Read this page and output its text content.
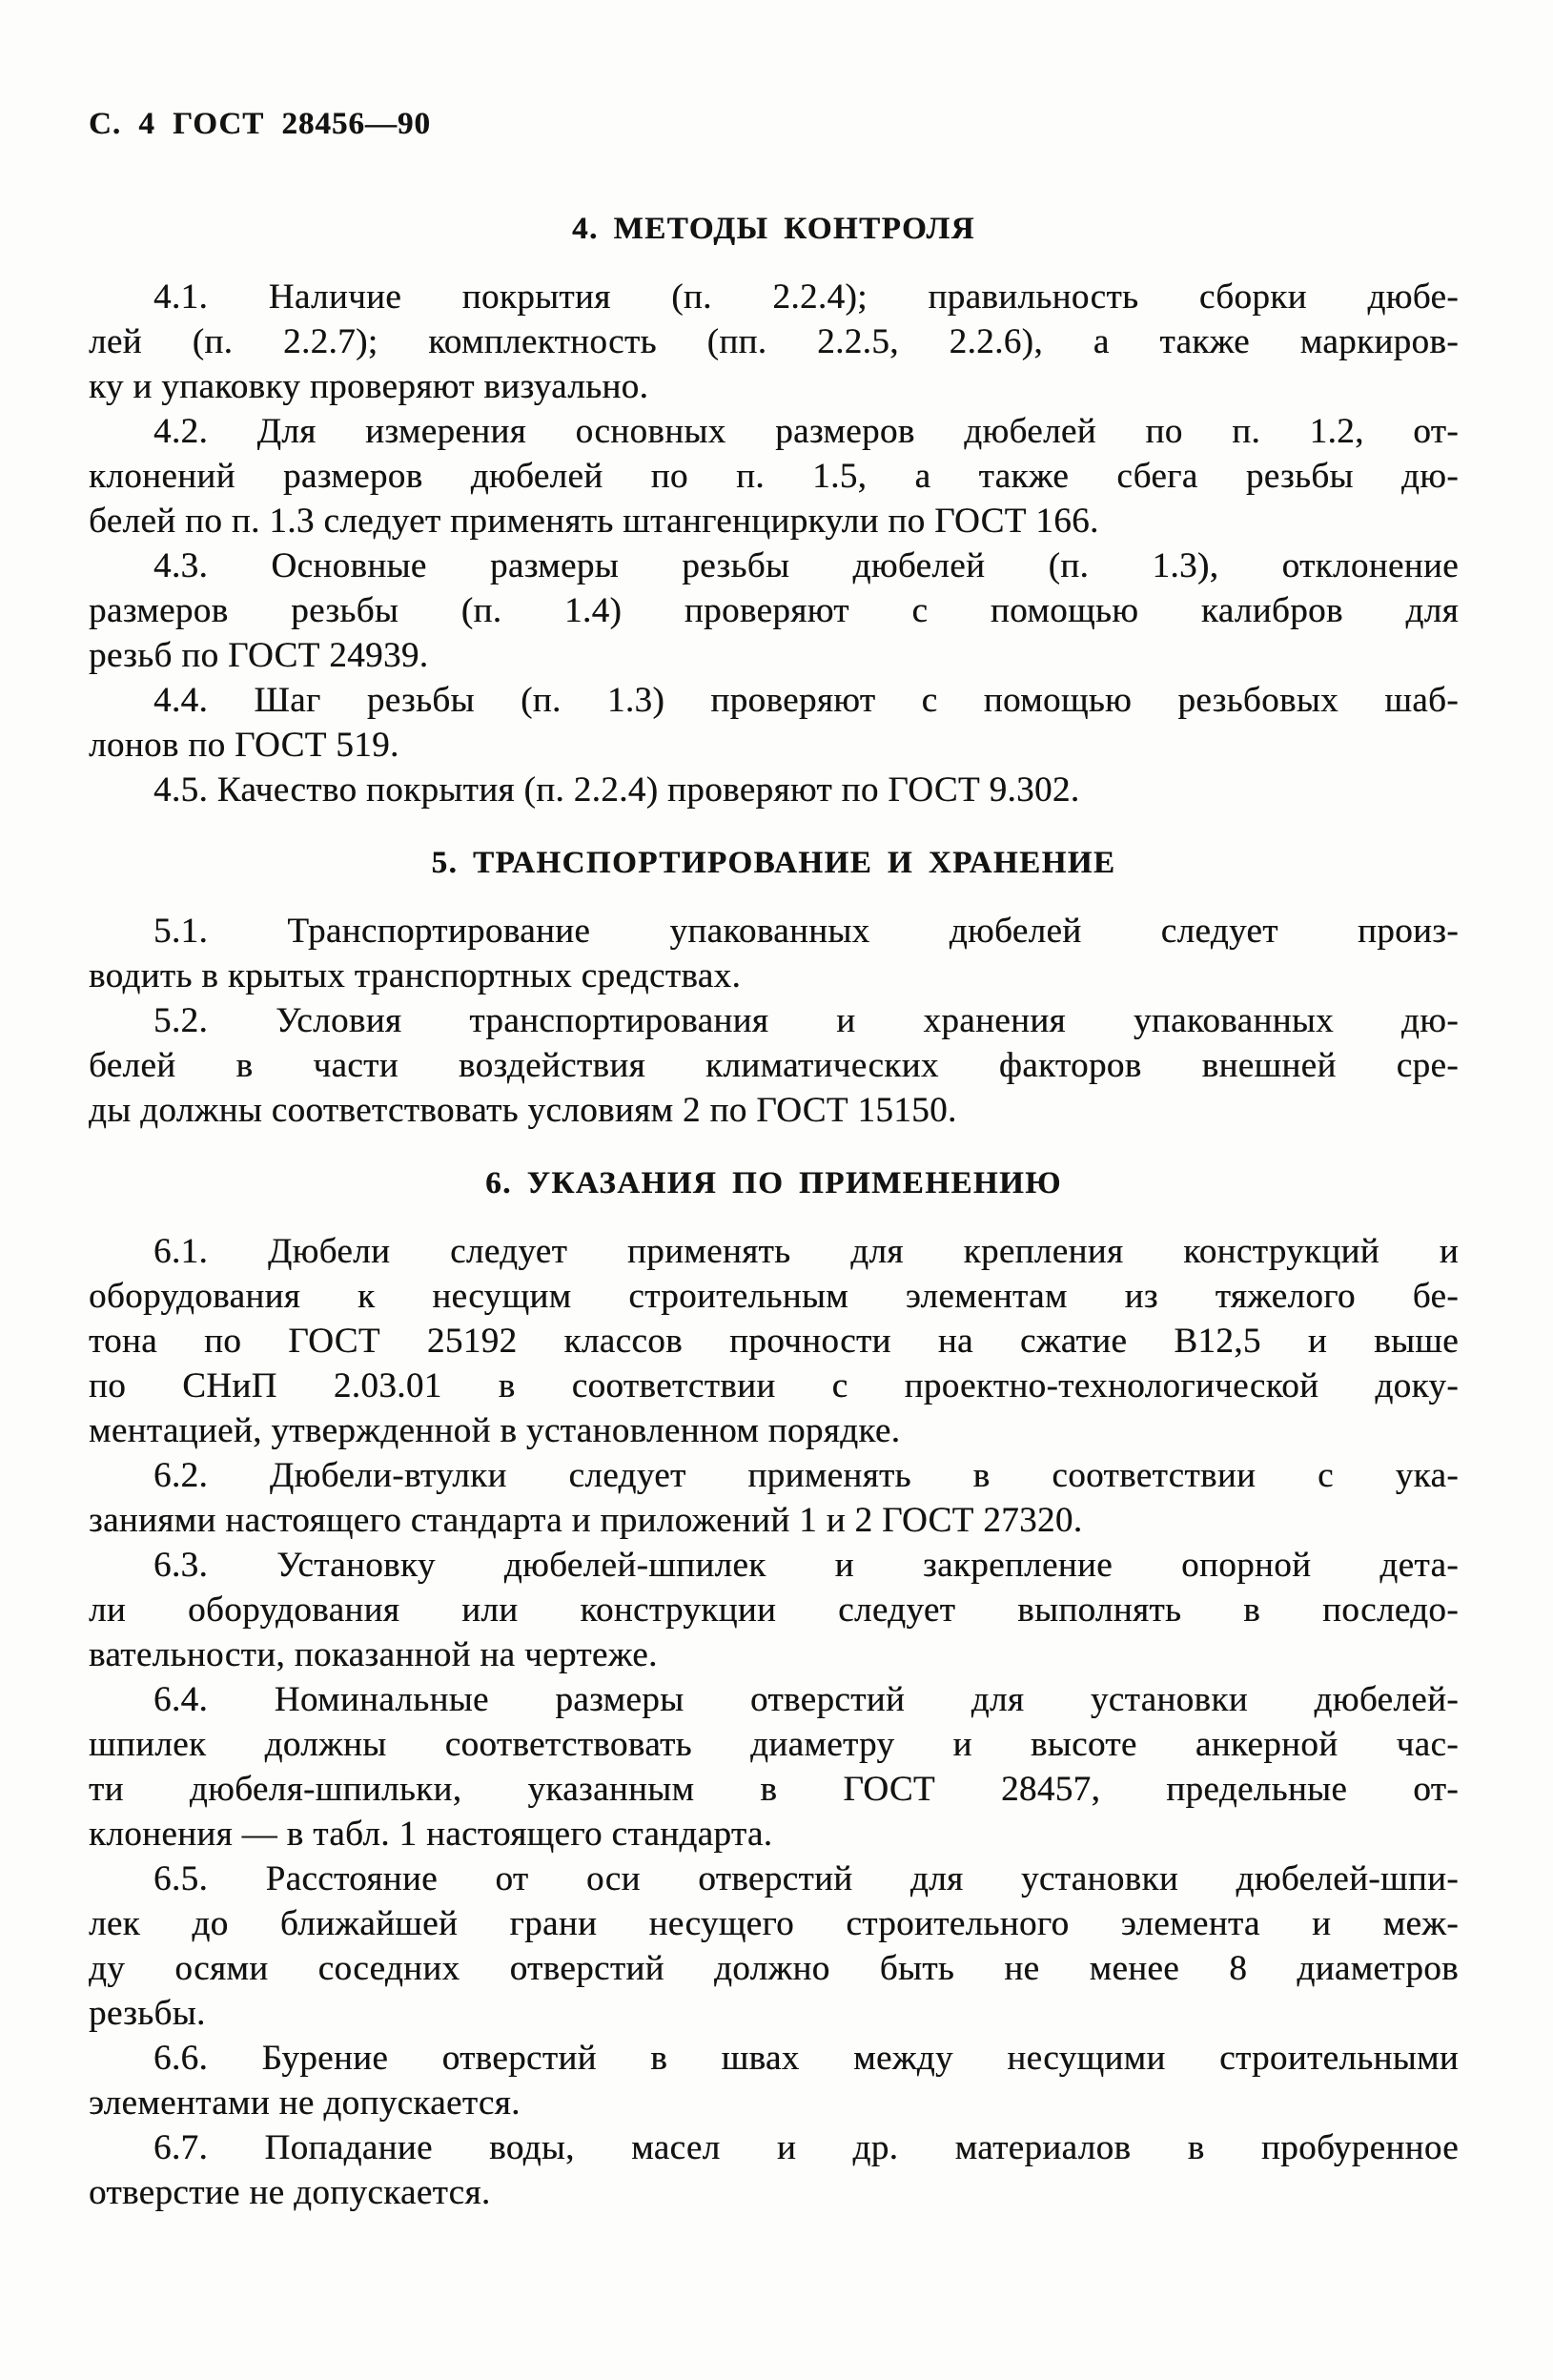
С. 4 ГОСТ 28456—90
4. МЕТОДЫ КОНТРОЛЯ
4.1. Наличие покрытия (п. 2.2.4); правильность сборки дюбе-
лей (п. 2.2.7); комплектность (пп. 2.2.5, 2.2.6), а также маркиров-
ку и упаковку проверяют визуально.
4.2. Для измерения основных размеров дюбелей по п. 1.2, от-
клонений размеров дюбелей по п. 1.5, а также сбега резьбы дю-
белей по п. 1.3 следует применять штангенциркули по ГОСТ 166.
4.3. Основные размеры резьбы дюбелей (п. 1.3), отклонение
размеров резьбы (п. 1.4) проверяют с помощью калибров для
резьб по ГОСТ 24939.
4.4. Шаг резьбы (п. 1.3) проверяют с помощью резьбовых шаб-
лонов по ГОСТ 519.
4.5. Качество покрытия (п. 2.2.4) проверяют по ГОСТ 9.302.
5. ТРАНСПОРТИРОВАНИЕ И ХРАНЕНИЕ
5.1. Транспортирование упакованных дюбелей следует произ-
водить в крытых транспортных средствах.
5.2. Условия транспортирования и хранения упакованных дю-
белей в части воздействия климатических факторов внешней сре-
ды должны соответствовать условиям 2 по ГОСТ 15150.
6. УКАЗАНИЯ ПО ПРИМЕНЕНИЮ
6.1. Дюбели следует применять для крепления конструкций и
оборудования к несущим строительным элементам из тяжелого бе-
тона по ГОСТ 25192 классов прочности на сжатие В12,5 и выше
по СНиП 2.03.01 в соответствии с проектно-технологической доку-
ментацией, утвержденной в установленном порядке.
6.2. Дюбели-втулки следует применять в соответствии с ука-
заниями настоящего стандарта и приложений 1 и 2 ГОСТ 27320.
6.3. Установку дюбелей-шпилек и закрепление опорной дета-
ли оборудования или конструкции следует выполнять в последо-
вательности, показанной на чертеже.
6.4. Номинальные размеры отверстий для установки дюбелей-
шпилек должны соответствовать диаметру и высоте анкерной час-
ти дюбеля-шпильки, указанным в ГОСТ 28457, предельные от-
клонения — в табл. 1 настоящего стандарта.
6.5. Расстояние от оси отверстий для установки дюбелей-шпи-
лек до ближайшей грани несущего строительного элемента и меж-
ду осями соседних отверстий должно быть не менее 8 диаметров
резьбы.
6.6. Бурение отверстий в швах между несущими строительными
элементами не допускается.
6.7. Попадание воды, масел и др. материалов в пробуренное
отверстие не допускается.
